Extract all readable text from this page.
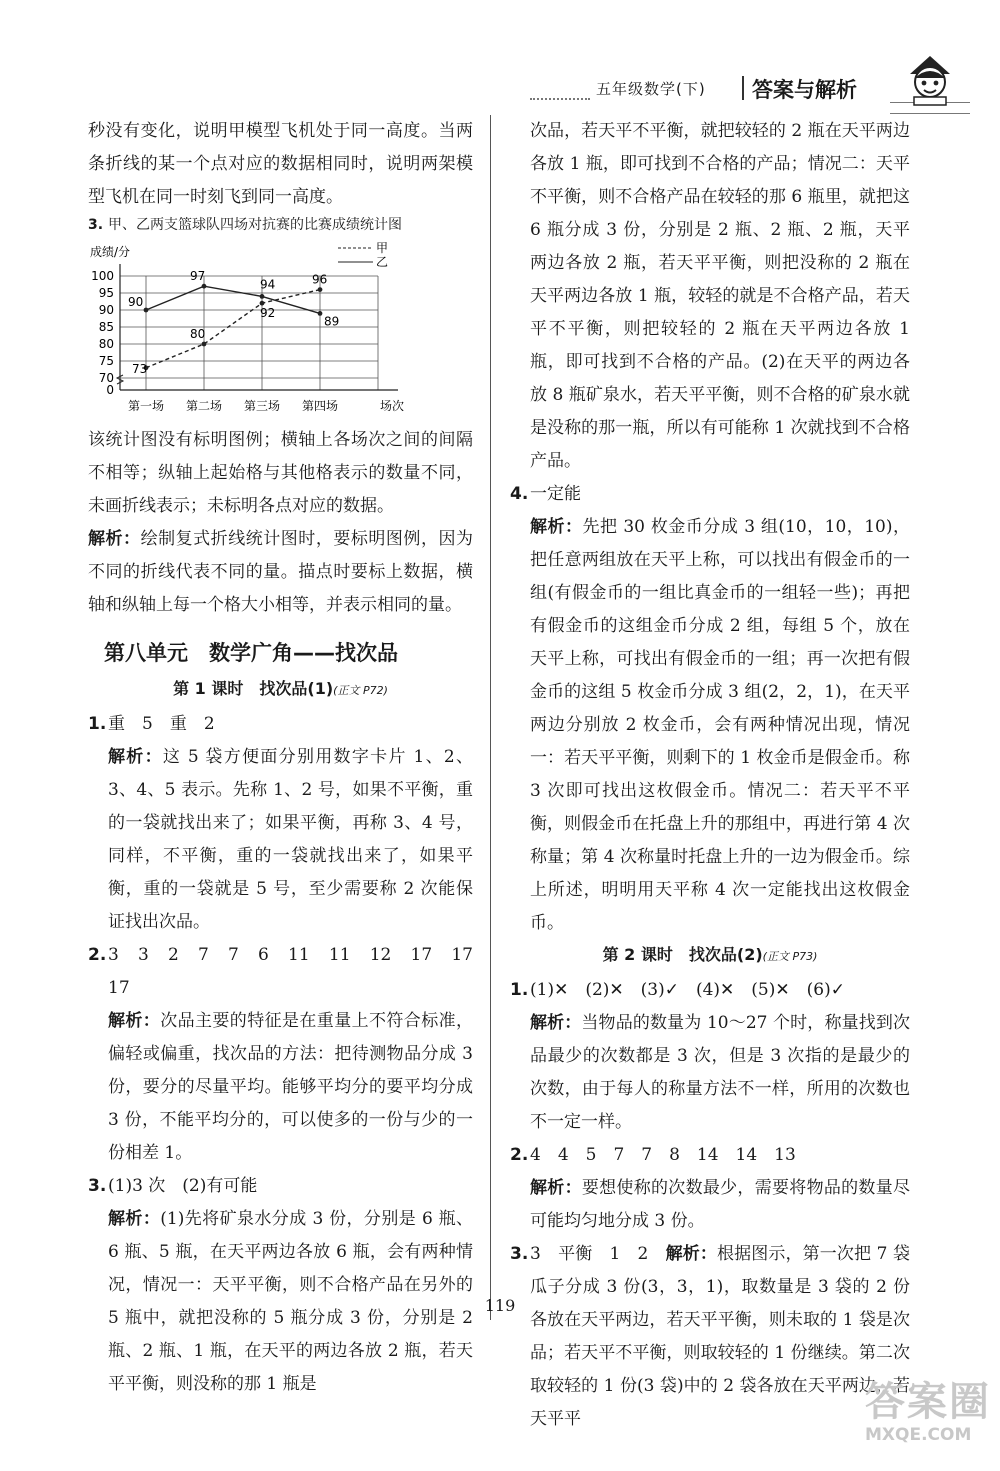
五年级数学(下) 答案与解析

秒没有变化，说明甲模型飞机处于同一高度。当两条折线的某一个点对应的数据相同时，说明两架模型飞机在同一时刻飞到同一高度。

3. 甲、乙两支篮球队四场对抗赛的比赛成绩统计图
0
70
75
80
85
90
95
100
成绩/分
第一场 第二场 第三场 第四场	场次
甲
乙
73
80
92
96
90
97
94
89

该统计图没有标明图例；横轴上各场次之间的间隔不相等；纵轴上起始格与其他格表示的数量不同，未画折线表示；未标明各点对应的数据。

解析：绘制复式折线统计图时，要标明图例，因为不同的折线代表不同的量。描点时要标上数据，横轴和纵轴上每一个格大小相等，并表示相同的量。

第八单元　数学广角——找次品
第 1 课时　找次品(1)(正文 P72)

1. 重　5　重　2

解析：这 5 袋方便面分别用数字卡片 1、2、3、4、5 表示。先称 1、2 号，如果不平衡，重的一袋就找出来了；如果平衡，再称 3、4 号，同样，不平衡，重的一袋就找出来了，如果平衡，重的一袋就是 5 号，至少需要称 2 次能保证找出次品。

2. 3　3　2　7　7　6　11　11　12　17　17　17

解析：次品主要的特征是在重量上不符合标准，偏轻或偏重，找次品的方法：把待测物品分成 3 份，要分的尽量平均。能够平均分的要平均分成 3 份，不能平均分的，可以使多的一份与少的一份相差 1。

3. (1)3 次　(2)有可能

解析：(1)先将矿泉水分成 3 份，分别是 6 瓶、6 瓶、5 瓶，在天平两边各放 6 瓶，会有两种情况，情况一：天平平衡，则不合格产品在另外的 5 瓶中，就把没称的 5 瓶分成 3 份，分别是 2 瓶、2 瓶、1 瓶，在天平的两边各放 2 瓶，若天平平衡，则没称的那 1 瓶是

次品，若天平不平衡，就把较轻的 2 瓶在天平两边各放 1 瓶，即可找到不合格的产品；情况二：天平不平衡，则不合格产品在较轻的那 6 瓶里，就把这 6 瓶分成 3 份，分别是 2 瓶、2 瓶、2 瓶，天平两边各放 2 瓶，若天平平衡，则把没称的 2 瓶在天平两边各放 1 瓶，较轻的就是不合格产品，若天平不平衡，则把较轻的 2 瓶在天平两边各放 1 瓶，即可找到不合格的产品。(2)在天平的两边各放 8 瓶矿泉水，若天平平衡，则不合格的矿泉水就是没称的那一瓶，所以有可能称 1 次就找到不合格产品。

4. 一定能

解析：先把 30 枚金币分成 3 组(10，10，10)，把任意两组放在天平上称，可以找出有假金币的一组(有假金币的一组比真金币的一组轻一些)；再把有假金币的这组金币分成 2 组，每组 5 个，放在天平上称，可找出有假金币的一组；再一次把有假金币的这组 5 枚金币分成 3 组(2，2，1)，在天平两边分别放 2 枚金币，会有两种情况出现，情况一：若天平平衡，则剩下的 1 枚金币是假金币。称 3 次即可找出这枚假金币。情况二：若天平不平衡，则假金币在托盘上升的那组中，再进行第 4 次称量；第 4 次称量时托盘上升的一边为假金币。综上所述，明明用天平称 4 次一定能找出这枚假金币。

第 2 课时　找次品(2)(正文 P73)

1. (1)✕　(2)✕　(3)✓　(4)✕　(5)✕　(6)✓

解析：当物品的数量为 10～27 个时，称量找到次品最少的次数都是 3 次，但是 3 次指的是最少的次数，由于每人的称量方法不一样，所用的次数也不一定一样。

2. 4　4　5　7　7　8　14　14　13

解析：要想使称的次数最少，需要将物品的数量尽可能均匀地分成 3 份。

3. 3　平衡　1　2　解析：根据图示，第一次把 7 袋瓜子分成 3 份(3，3，1)，取数量是 3 袋的 2 份各放在天平两边，若天平平衡，则未取的 1 袋是次品；若天平不平衡，则取较轻的 1 份继续。第二次取较轻的 1 份(3 袋)中的 2 袋各放在天平两边，若天平平

119
答案圈
MXQE.COM
